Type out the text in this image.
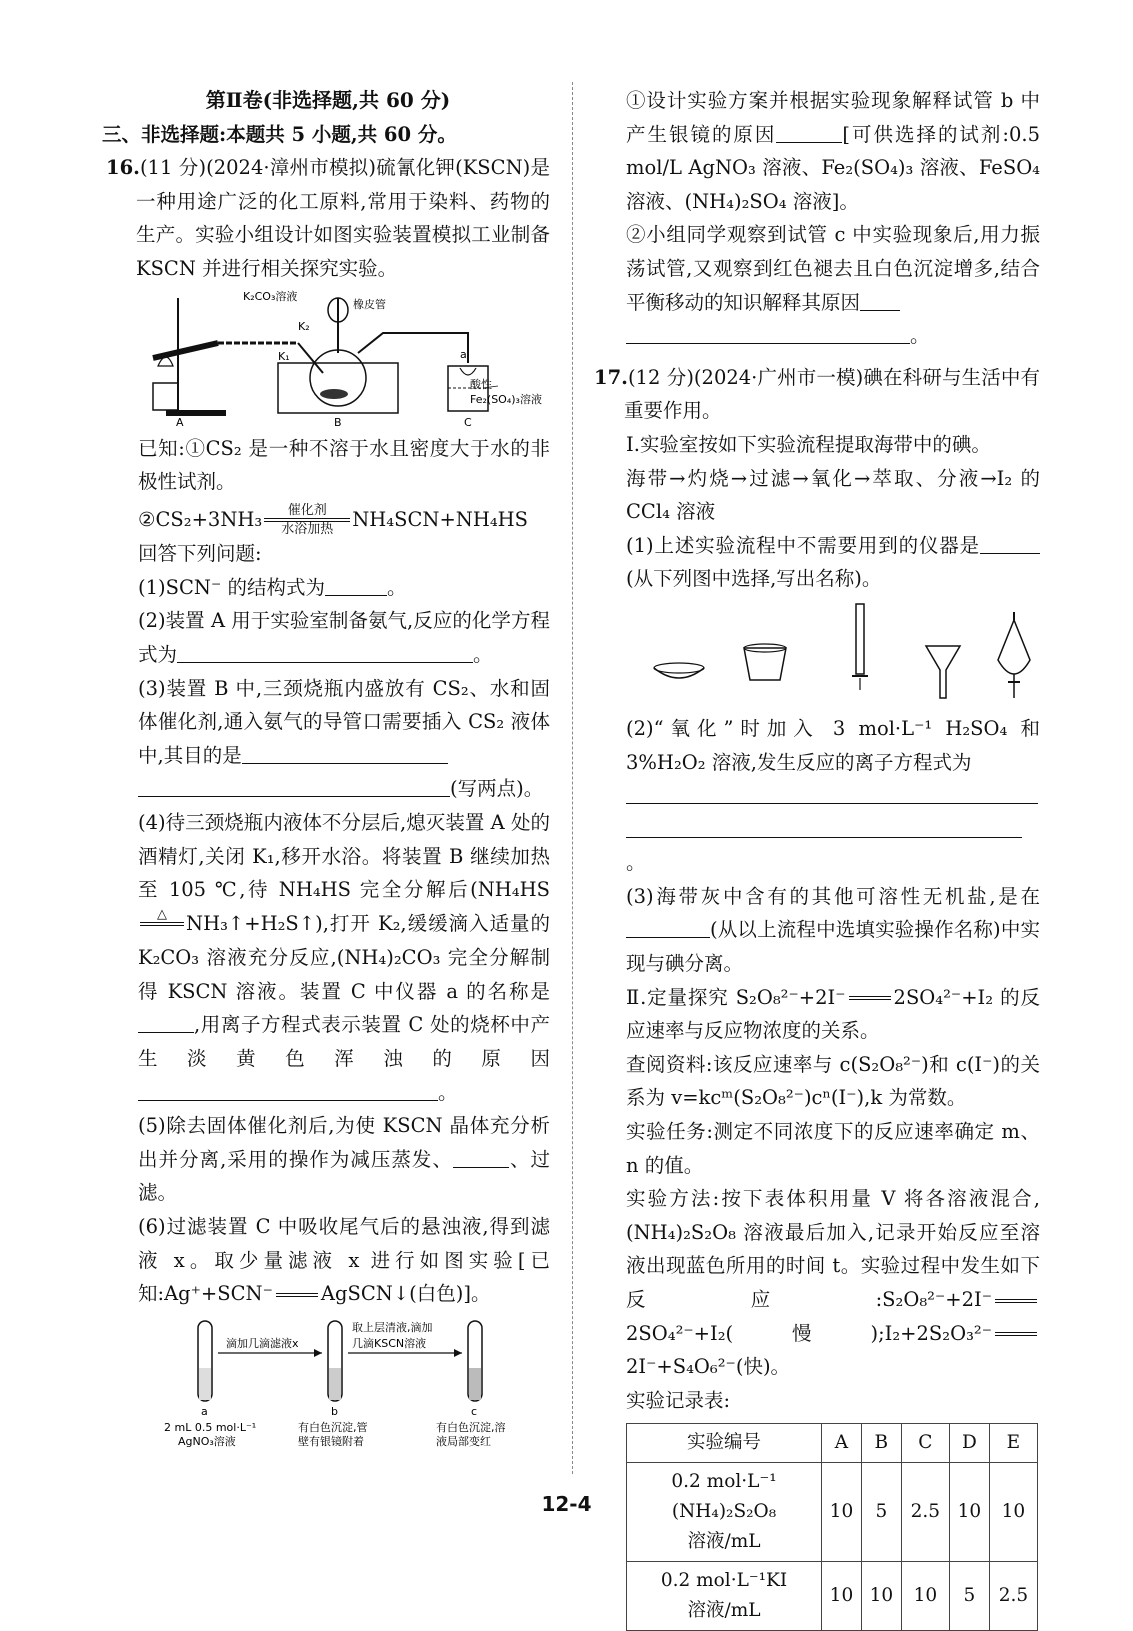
第Ⅱ卷(非选择题,共 60 分)

三、非选择题:本题共 5 小题,共 60 分。

16.(11 分)(2024·漳州市模拟)硫氰化钾(KSCN)是一种用途广泛的化工原料,常用于染料、药物的生产。实验小组设计如图实验装置模拟工业制备 KSCN 并进行相关探究实验。

K₂CO₃溶液
橡皮管
K₂
K₁	a
酸性
Fe₂(SO₄)₃溶液
A	B	C

已知:①CS₂ 是一种不溶于水且密度大于水的非极性试剂。

②CS₂+3NH₃	催化剂
水浴加热 NH₄SCN+NH₄HS

回答下列问题:

(1)SCN⁻ 的结构式为	。

(2)装置 A 用于实验室制备氨气,反应的化学方程式为	。

(3)装置 B 中,三颈烧瓶内盛放有 CS₂、水和固体催化剂,通入氨气的导管口需要插入 CS₂ 液体中,其目的是
(写两点)。

(4)待三颈烧瓶内液体不分层后,熄灭装置 A 处的酒精灯,关闭 K₁,移开水浴。将装置 B 继续加热至 105 ℃,待 NH₄HS 完全分解后(NH₄HS
△
NH₃↑+H₂S↑),打开 K₂,缓缓滴入适量的 K₂CO₃ 溶液充分反应,(NH₄)₂CO₃ 完全分解制得 KSCN 溶液。装置 C 中仪器 a 的名称是,用离子方程式表示装置 C 处的烧杯中产生淡黄色浑浊的原因。

(5)除去固体催化剂后,为使 KSCN 晶体充分析出并分离,采用的操作为减压蒸发、	、过滤。

(6)过滤装置 C 中吸收尾气后的悬浊液,得到滤液 x。取少量滤液 x 进行如图实验[已知:Ag⁺+SCN⁻ AgSCN↓(白色)]。

滴加几滴滤液x
取上层清液,滴加
几滴KSCN溶液
a	b	c
2 mL 0.5 mol·L⁻¹
AgNO₃溶液
有白色沉淀,管
壁有银镜附着
有白色沉淀,溶
液局部变红

①设计实验方案并根据实验现象解释试管 b 中产生银镜的原因	[可供选择的试剂:0.5 mol/L AgNO₃ 溶液、Fe₂(SO₄)₃ 溶液、FeSO₄ 溶液、(NH₄)₂SO₄ 溶液]。

②小组同学观察到试管 c 中实验现象后,用力振荡试管,又观察到红色褪去且白色沉淀增多,结合平衡移动的知识解释其原因
。

17.(12 分)(2024·广州市一模)碘在科研与生活中有重要作用。

Ⅰ.实验室按如下实验流程提取海带中的碘。

海带→灼烧→过滤→氧化→萃取、分液→I₂ 的 CCl₄ 溶液

(1)上述实验流程中不需要用到的仪器是(从下列图中选择,写出名称)。

(2)“氧化”时加入 3 mol·L⁻¹ H₂SO₄ 和 3%H₂O₂ 溶液,发生反应的离子方程式为

。

(3)海带灰中含有的其他可溶性无机盐,是在(从以上流程中选填实验操作名称)中实现与碘分离。

Ⅱ.定量探究 S₂O₈²⁻+2I⁻ 2SO₄²⁻+I₂ 的反应速率与反应物浓度的关系。

查阅资料:该反应速率与 c(S₂O₈²⁻)和 c(I⁻)的关系为 v=kcᵐ(S₂O₈²⁻)cⁿ(I⁻),k 为常数。

实验任务:测定不同浓度下的反应速率确定 m、n 的值。

实验方法:按下表体积用量 V 将各溶液混合,(NH₄)₂S₂O₈ 溶液最后加入,记录开始反应至溶液出现蓝色所用的时间 t。实验过程中发生如下反应:S₂O₈²⁻+2I⁻2SO₄²⁻+I₂(慢);I₂+2S₂O₃²⁻2I⁻+S₄O₆²⁻(快)。

实验记录表:

实验编号	A	B	C	D	E
0.2 mol·L⁻¹
(NH₄)₂S₂O₈
溶液/mL	10	5	2.5	10	10
0.2 mol·L⁻¹KI
溶液/mL	10	10	10	5	2.5
12-4
